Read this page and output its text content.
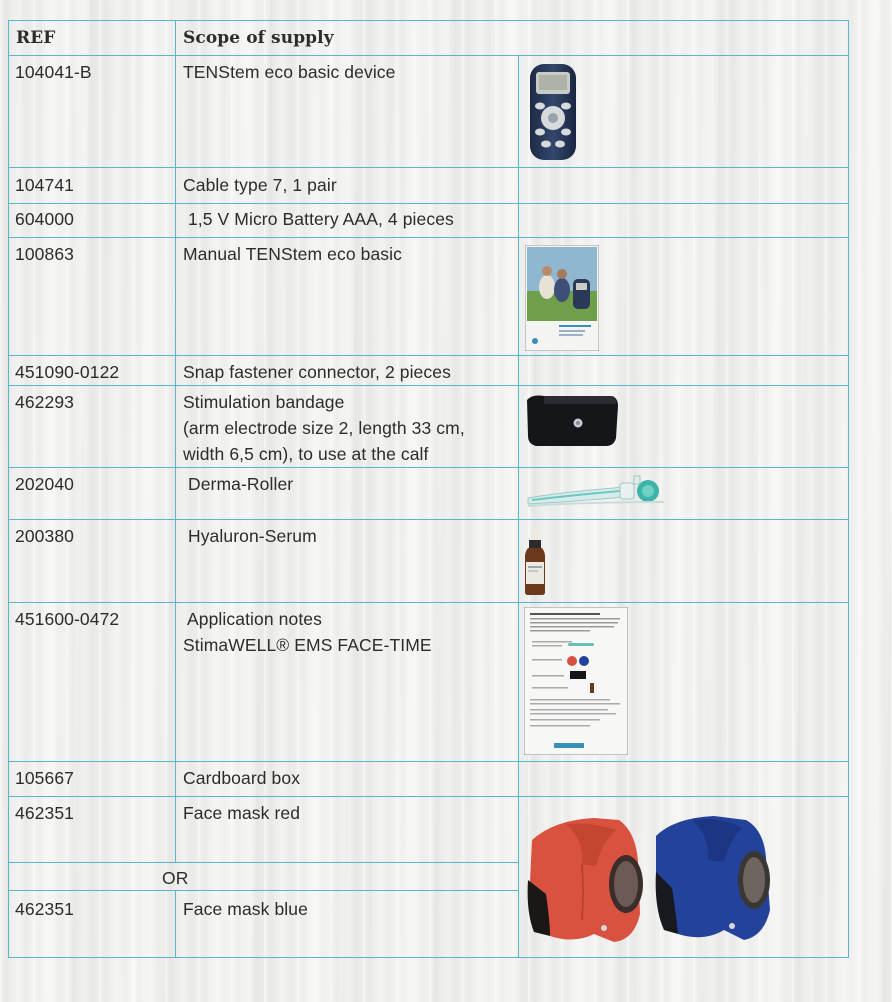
REF	Scope of supply
104041-B	TENStem eco basic device
104741	Cable type 7, 1 pair
604000	1,5 V Micro Battery AAA, 4 pieces
100863	Manual TENStem eco basic
451090-0122	Snap fastener connector, 2 pieces
462293	Stimulation bandage
(arm electrode size 2, length 33 cm,
width 6,5 cm), to use at the calf
202040	Derma-Roller
200380	Hyaluron-Serum
451600-0472	Application notes
StimaWELL® EMS FACE-TIME
105667	Cardboard box
462351	Face mask red
OR
462351	Face mask blue
